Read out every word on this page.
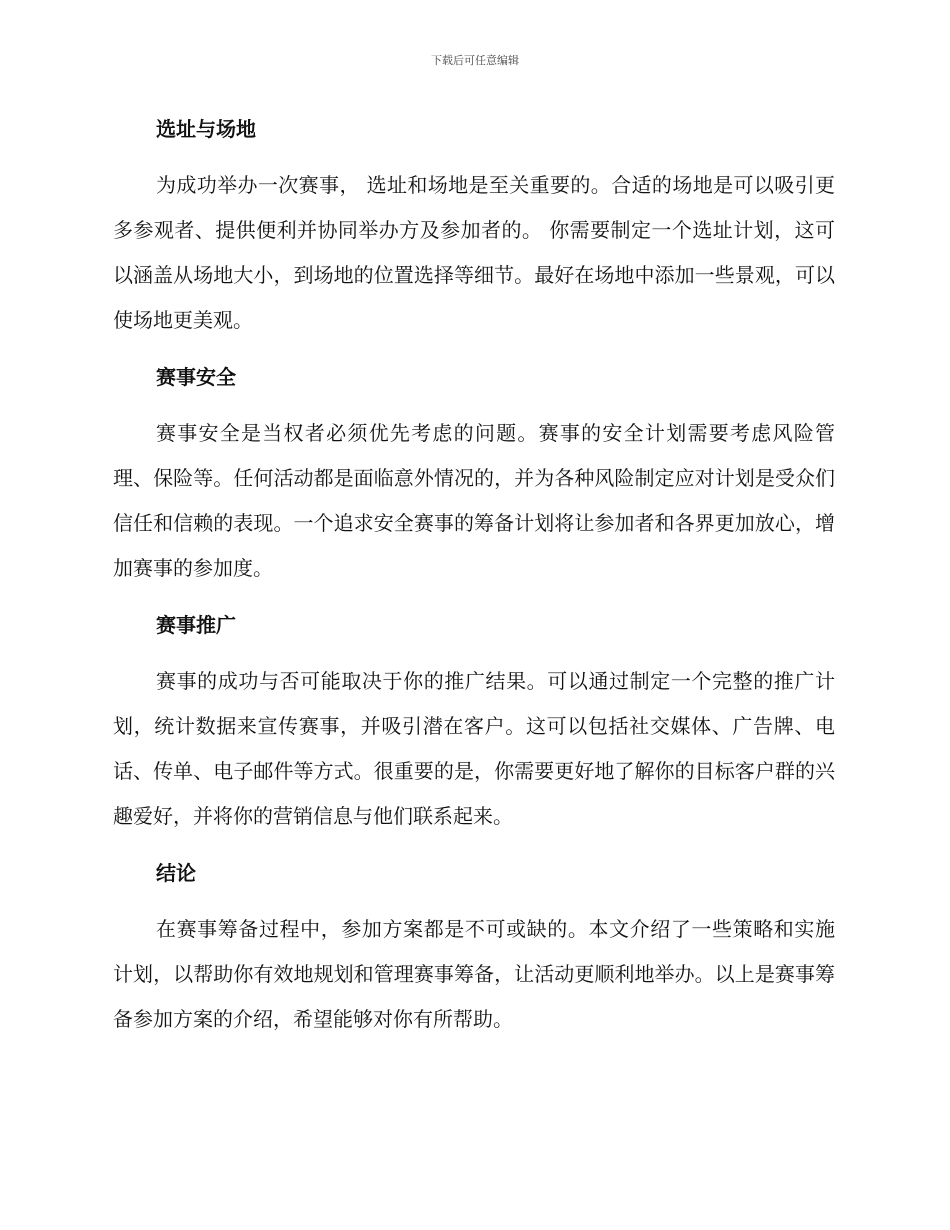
下载后可任意编辑
选址与场地

为成功举办一次赛事， 选址和场地是至关重要的。合适的场地是可以吸引更多参观者、提供便利并协同举办方及参加者的。 你需要制定一个选址计划，这可以涵盖从场地大小，到场地的位置选择等细节。最好在场地中添加一些景观，可以使场地更美观。

赛事安全

赛事安全是当权者必须优先考虑的问题。赛事的安全计划需要考虑风险管理、保险等。任何活动都是面临意外情况的，并为各种风险制定应对计划是受众们信任和信赖的表现。一个追求安全赛事的筹备计划将让参加者和各界更加放心，增加赛事的参加度。

赛事推广

赛事的成功与否可能取决于你的推广结果。可以通过制定一个完整的推广计划，统计数据来宣传赛事，并吸引潜在客户。这可以包括社交媒体、广告牌、电话、传单、电子邮件等方式。很重要的是，你需要更好地了解你的目标客户群的兴趣爱好，并将你的营销信息与他们联系起来。

结论

在赛事筹备过程中，参加方案都是不可或缺的。本文介绍了一些策略和实施计划，以帮助你有效地规划和管理赛事筹备，让活动更顺利地举办。以上是赛事筹备参加方案的介绍，希望能够对你有所帮助。
